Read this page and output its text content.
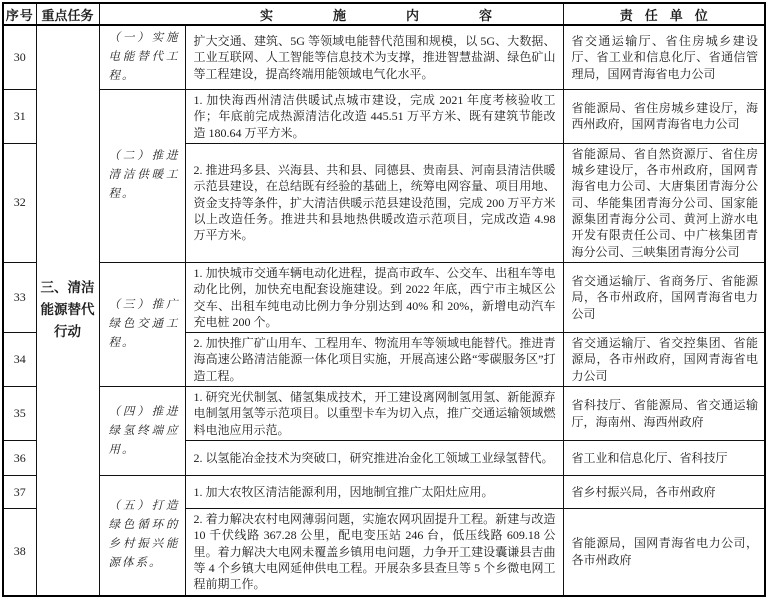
序号	重点任务	实施内容		责任单位
30	三、清洁能源替代行动	（一）实施电能替代工程。	扩大交通、建筑、5G 等领域电能替代范围和规模，以 5G、大数据、工业互联网、人工智能等信息技术为支撑，推进智慧盐湖、绿色矿山等工程建设，提高终端用能领域电气化水平。	省交通运输厅、省住房城乡建设厅、省工业和信息化厅、省通信管理局，国网青海省电力公司
31		（二）推进清洁供暖工程。	1. 加快海西州清洁供暖试点城市建设，完成 2021 年度考核验收工作；年底前完成热源清洁化改造 445.51 万平方米、既有建筑节能改造 180.64 万平方米。	省能源局、省住房城乡建设厅，海西州政府，国网青海省电力公司
32			2. 推进玛多县、兴海县、共和县、同德县、贵南县、河南县清洁供暖示范县建设，在总结既有经验的基础上，统筹电网容量、项目用地、资金支持等条件，扩大清洁供暖示范县建设范围，完成 200 万平方米以上改造任务。推进共和县地热供暖改造示范项目，完成改造 4.98 万平方米。	省能源局、省自然资源厅、省住房城乡建设厅，各市州政府，国网青海省电力公司、大唐集团青海分公司、华能集团青海分公司、国家能源集团青海分公司、黄河上游水电开发有限责任公司、中广核集团青海分公司、三峡集团青海分公司
33		（三）推广绿色交通工程。	1. 加快城市交通车辆电动化进程，提高市政车、公交车、出租车等电动化比例，加快充电配套设施建设。到 2022 年底，西宁市主城区公交车、出租车纯电动比例力争分别达到 40% 和 20%，新增电动汽车充电桩 200 个。	省交通运输厅、省商务厅、省能源局，各市州政府，国网青海省电力公司
34			2. 加快推广矿山用车、工程用车、物流用车等领域电能替代。推进青海高速公路清洁能源一体化项目实施，开展高速公路“零碳服务区”打造工程。	省交通运输厅、省交控集团、省能源局，各市州政府，国网青海省电力公司
35		（四）推进绿氢终端应用。	1. 研究光伏制氢、储氢集成技术，开工建设离网制氢用氢、新能源弃电制氢用氢等示范项目。以重型卡车为切入点，推广交通运输领域燃料电池应用示范。	省科技厅、省能源局、省交通运输厅，海南州、海西州政府
36			2. 以氢能冶金技术为突破口，研究推进冶金化工领域工业绿氢替代。	省工业和信息化厅、省科技厅
37		（五）打造绿色循环的乡村振兴能源体系。	1. 加大农牧区清洁能源利用，因地制宜推广太阳灶应用。	省乡村振兴局，各市州政府
38			2. 着力解决农村电网薄弱问题，实施农网巩固提升工程。新建与改造 10 千伏线路 367.28 公里，配电变压站 246 台，低压线路 609.18 公里。着力解决大电网未覆盖乡镇用电问题，力争开工建设囊谦县吉曲等 4 个乡镇大电网延伸供电工程。开展杂多县查旦等 5 个乡微电网工程前期工作。	省能源局，国网青海省电力公司，各市州政府
